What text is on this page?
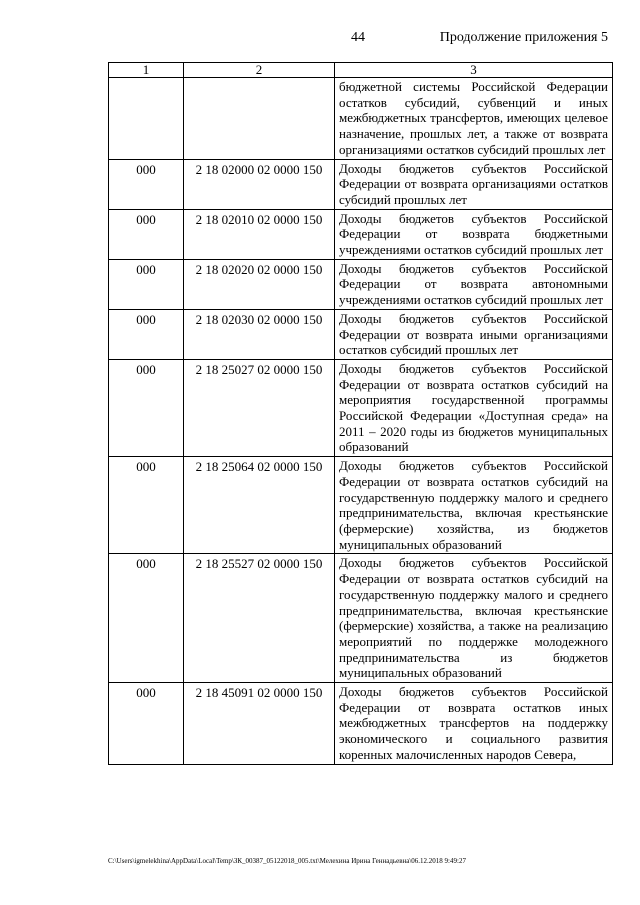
44	Продолжение приложения 5
1	2	3
		бюджетной системы Российской Федерации остатков субсидий, субвенций и иных межбюджетных трансфертов, имеющих целевое назначение, прошлых лет, а также от возврата организациями остатков субсидий прошлых лет
000	2 18 02000 02 0000 150	Доходы бюджетов субъектов Российской Федерации от возврата организациями остатков субсидий прошлых лет
000	2 18 02010 02 0000 150	Доходы бюджетов субъектов Российской Федерации от возврата бюджетными учреждениями остатков субсидий прошлых лет
000	2 18 02020 02 0000 150	Доходы бюджетов субъектов Российской Федерации от возврата автономными учреждениями остатков субсидий прошлых лет
000	2 18 02030 02 0000 150	Доходы бюджетов субъектов Российской Федерации от возврата иными организациями остатков субсидий прошлых лет
000	2 18 25027 02 0000 150	Доходы бюджетов субъектов Российской Федерации от возврата остатков субсидий на мероприятия государственной программы Российской Федерации «Доступная среда» на 2011 – 2020 годы из бюджетов муниципальных образований
000	2 18 25064 02 0000 150	Доходы бюджетов субъектов Российской Федерации от возврата остатков субсидий на государственную поддержку малого и среднего предпринимательства, включая крестьянские (фермерские) хозяйства, из бюджетов муниципальных образований
000	2 18 25527 02 0000 150	Доходы бюджетов субъектов Российской Федерации от возврата остатков субсидий на государственную поддержку малого и среднего предпринимательства, включая крестьянские (фермерские) хозяйства, а также на реализацию мероприятий по поддержке молодежного предпринимательства из бюджетов муниципальных образований
000	2 18 45091 02 0000 150	Доходы бюджетов субъектов Российской Федерации от возврата остатков иных межбюджетных трансфертов на поддержку экономического и социального развития коренных малочисленных народов Севера,
C:\Users\igmelekhina\AppData\Local\Temp\ЗК_00387_05122018_005.txt\Мелехина Ирина Геннадьевна\06.12.2018 9:49:27
